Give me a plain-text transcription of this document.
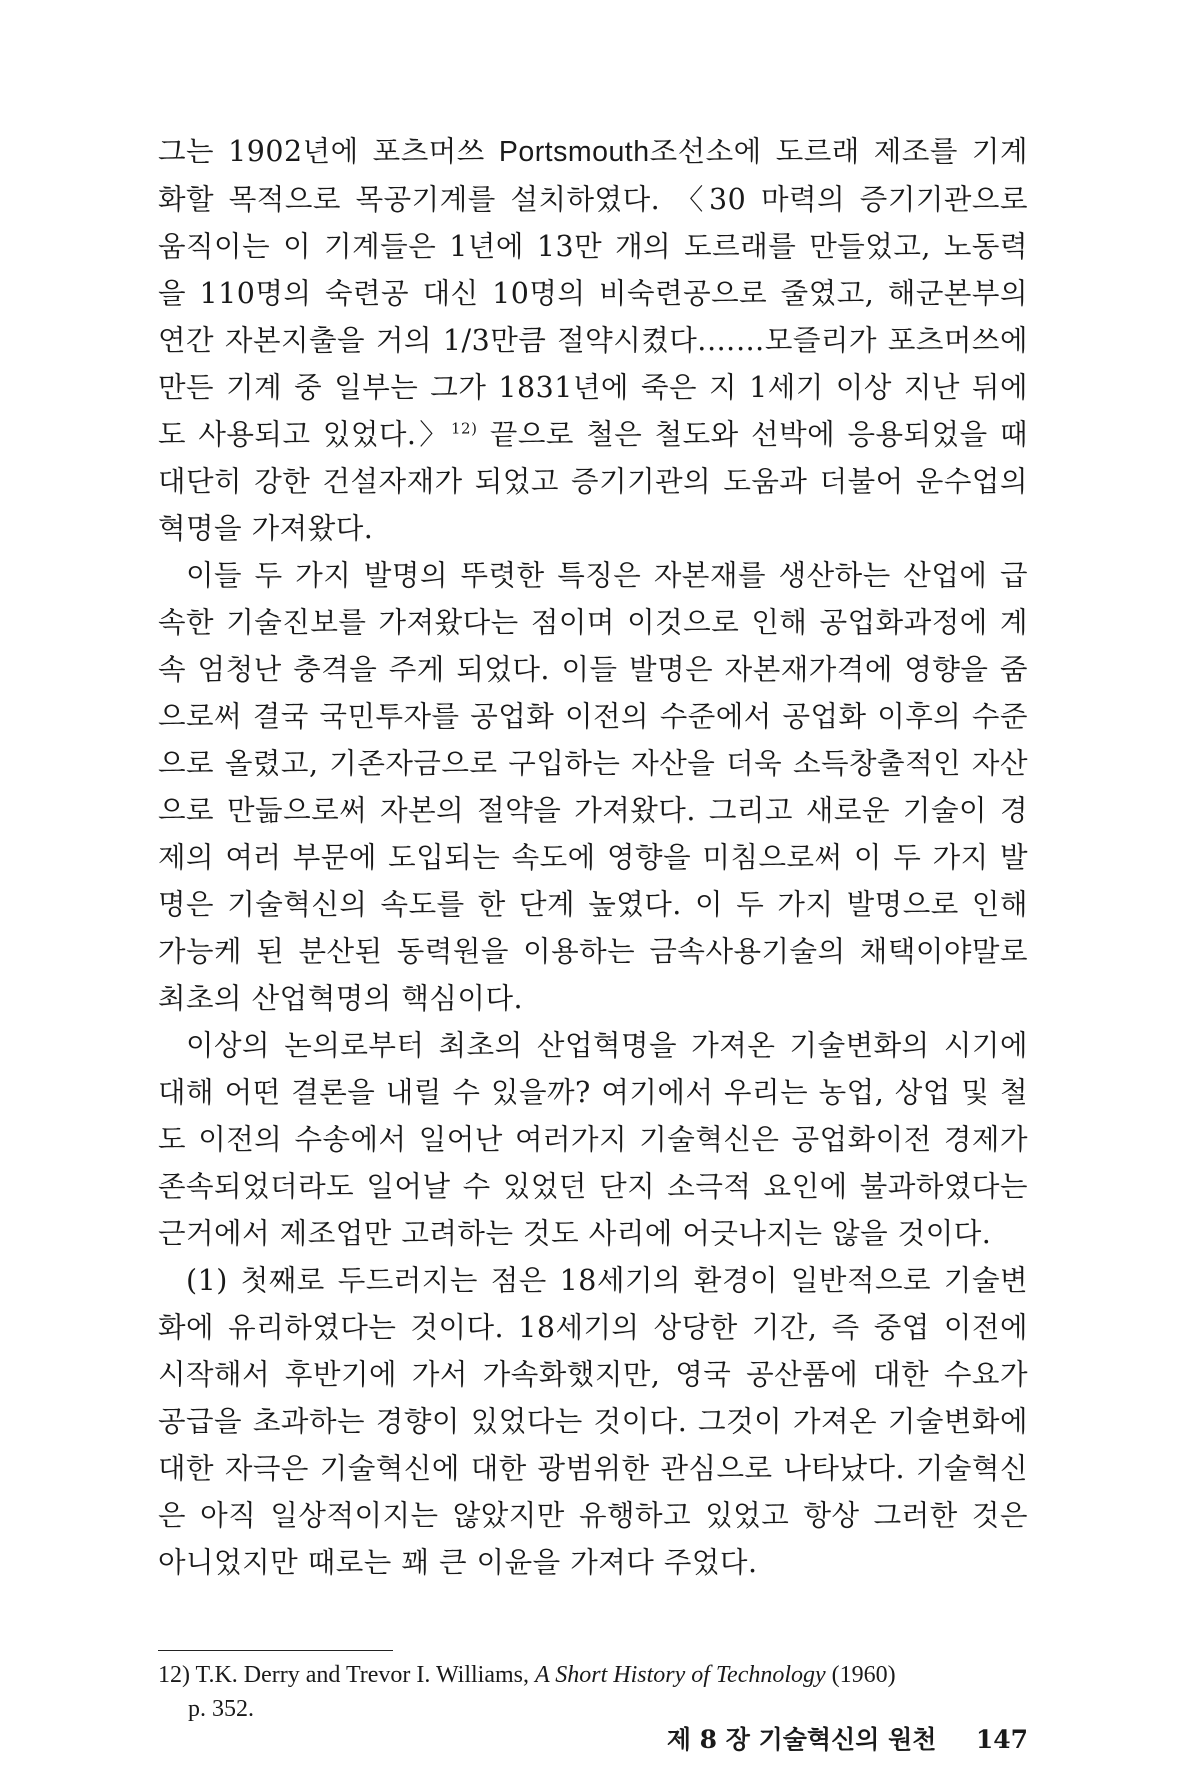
그는 1902년에 포츠머쓰 Portsmouth조선소에 도르래 제조를 기계화할 목적으로 목공기계를 설치하였다. 〈30 마력의 증기기관으로 움직이는 이 기계들은 1년에 13만 개의 도르래를 만들었고, 노동력을 110명의 숙련공 대신 10명의 비숙련공으로 줄였고, 해군본부의 연간 자본지출을 거의 1/3만큼 절약시켰다.……모즐리가 포츠머쓰에 만든 기계 중 일부는 그가 1831년에 죽은 지 1세기 이상 지난 뒤에도 사용되고 있었다.〉$^{12)}$ 끝으로 철은 철도와 선박에 응용되었을 때 대단히 강한 건설자재가 되었고 증기기관의 도움과 더불어 운수업의 혁명을 가져왔다.

이들 두 가지 발명의 뚜렷한 특징은 자본재를 생산하는 산업에 급속한 기술진보를 가져왔다는 점이며 이것으로 인해 공업화과정에 계속 엄청난 충격을 주게 되었다. 이들 발명은 자본재가격에 영향을 줌으로써 결국 국민투자를 공업화 이전의 수준에서 공업화 이후의 수준으로 올렸고, 기존자금으로 구입하는 자산을 더욱 소득창출적인 자산으로 만듦으로써 자본의 절약을 가져왔다. 그리고 새로운 기술이 경제의 여러 부문에 도입되는 속도에 영향을 미침으로써 이 두 가지 발명은 기술혁신의 속도를 한 단계 높였다. 이 두 가지 발명으로 인해 가능케 된 분산된 동력원을 이용하는 금속사용기술의 채택이야말로 최초의 산업혁명의 핵심이다.

이상의 논의로부터 최초의 산업혁명을 가져온 기술변화의 시기에 대해 어떤 결론을 내릴 수 있을까? 여기에서 우리는 농업, 상업 및 철도 이전의 수송에서 일어난 여러가지 기술혁신은 공업화이전 경제가 존속되었더라도 일어날 수 있었던 단지 소극적 요인에 불과하였다는 근거에서 제조업만 고려하는 것도 사리에 어긋나지는 않을 것이다.

(1) 첫째로 두드러지는 점은 18세기의 환경이 일반적으로 기술변화에 유리하였다는 것이다. 18세기의 상당한 기간, 즉 중엽 이전에 시작해서 후반기에 가서 가속화했지만, 영국 공산품에 대한 수요가 공급을 초과하는 경향이 있었다는 것이다. 그것이 가져온 기술변화에 대한 자극은 기술혁신에 대한 광범위한 관심으로 나타났다. 기술혁신은 아직 일상적이지는 않았지만 유행하고 있었고 항상 그러한 것은 아니었지만 때로는 꽤 큰 이윤을 가져다 주었다.

12) T.K. Derry and Trevor I. Williams, A Short History of Technology (1960)
p. 352.
제 8 장 기술혁신의 원천 147
